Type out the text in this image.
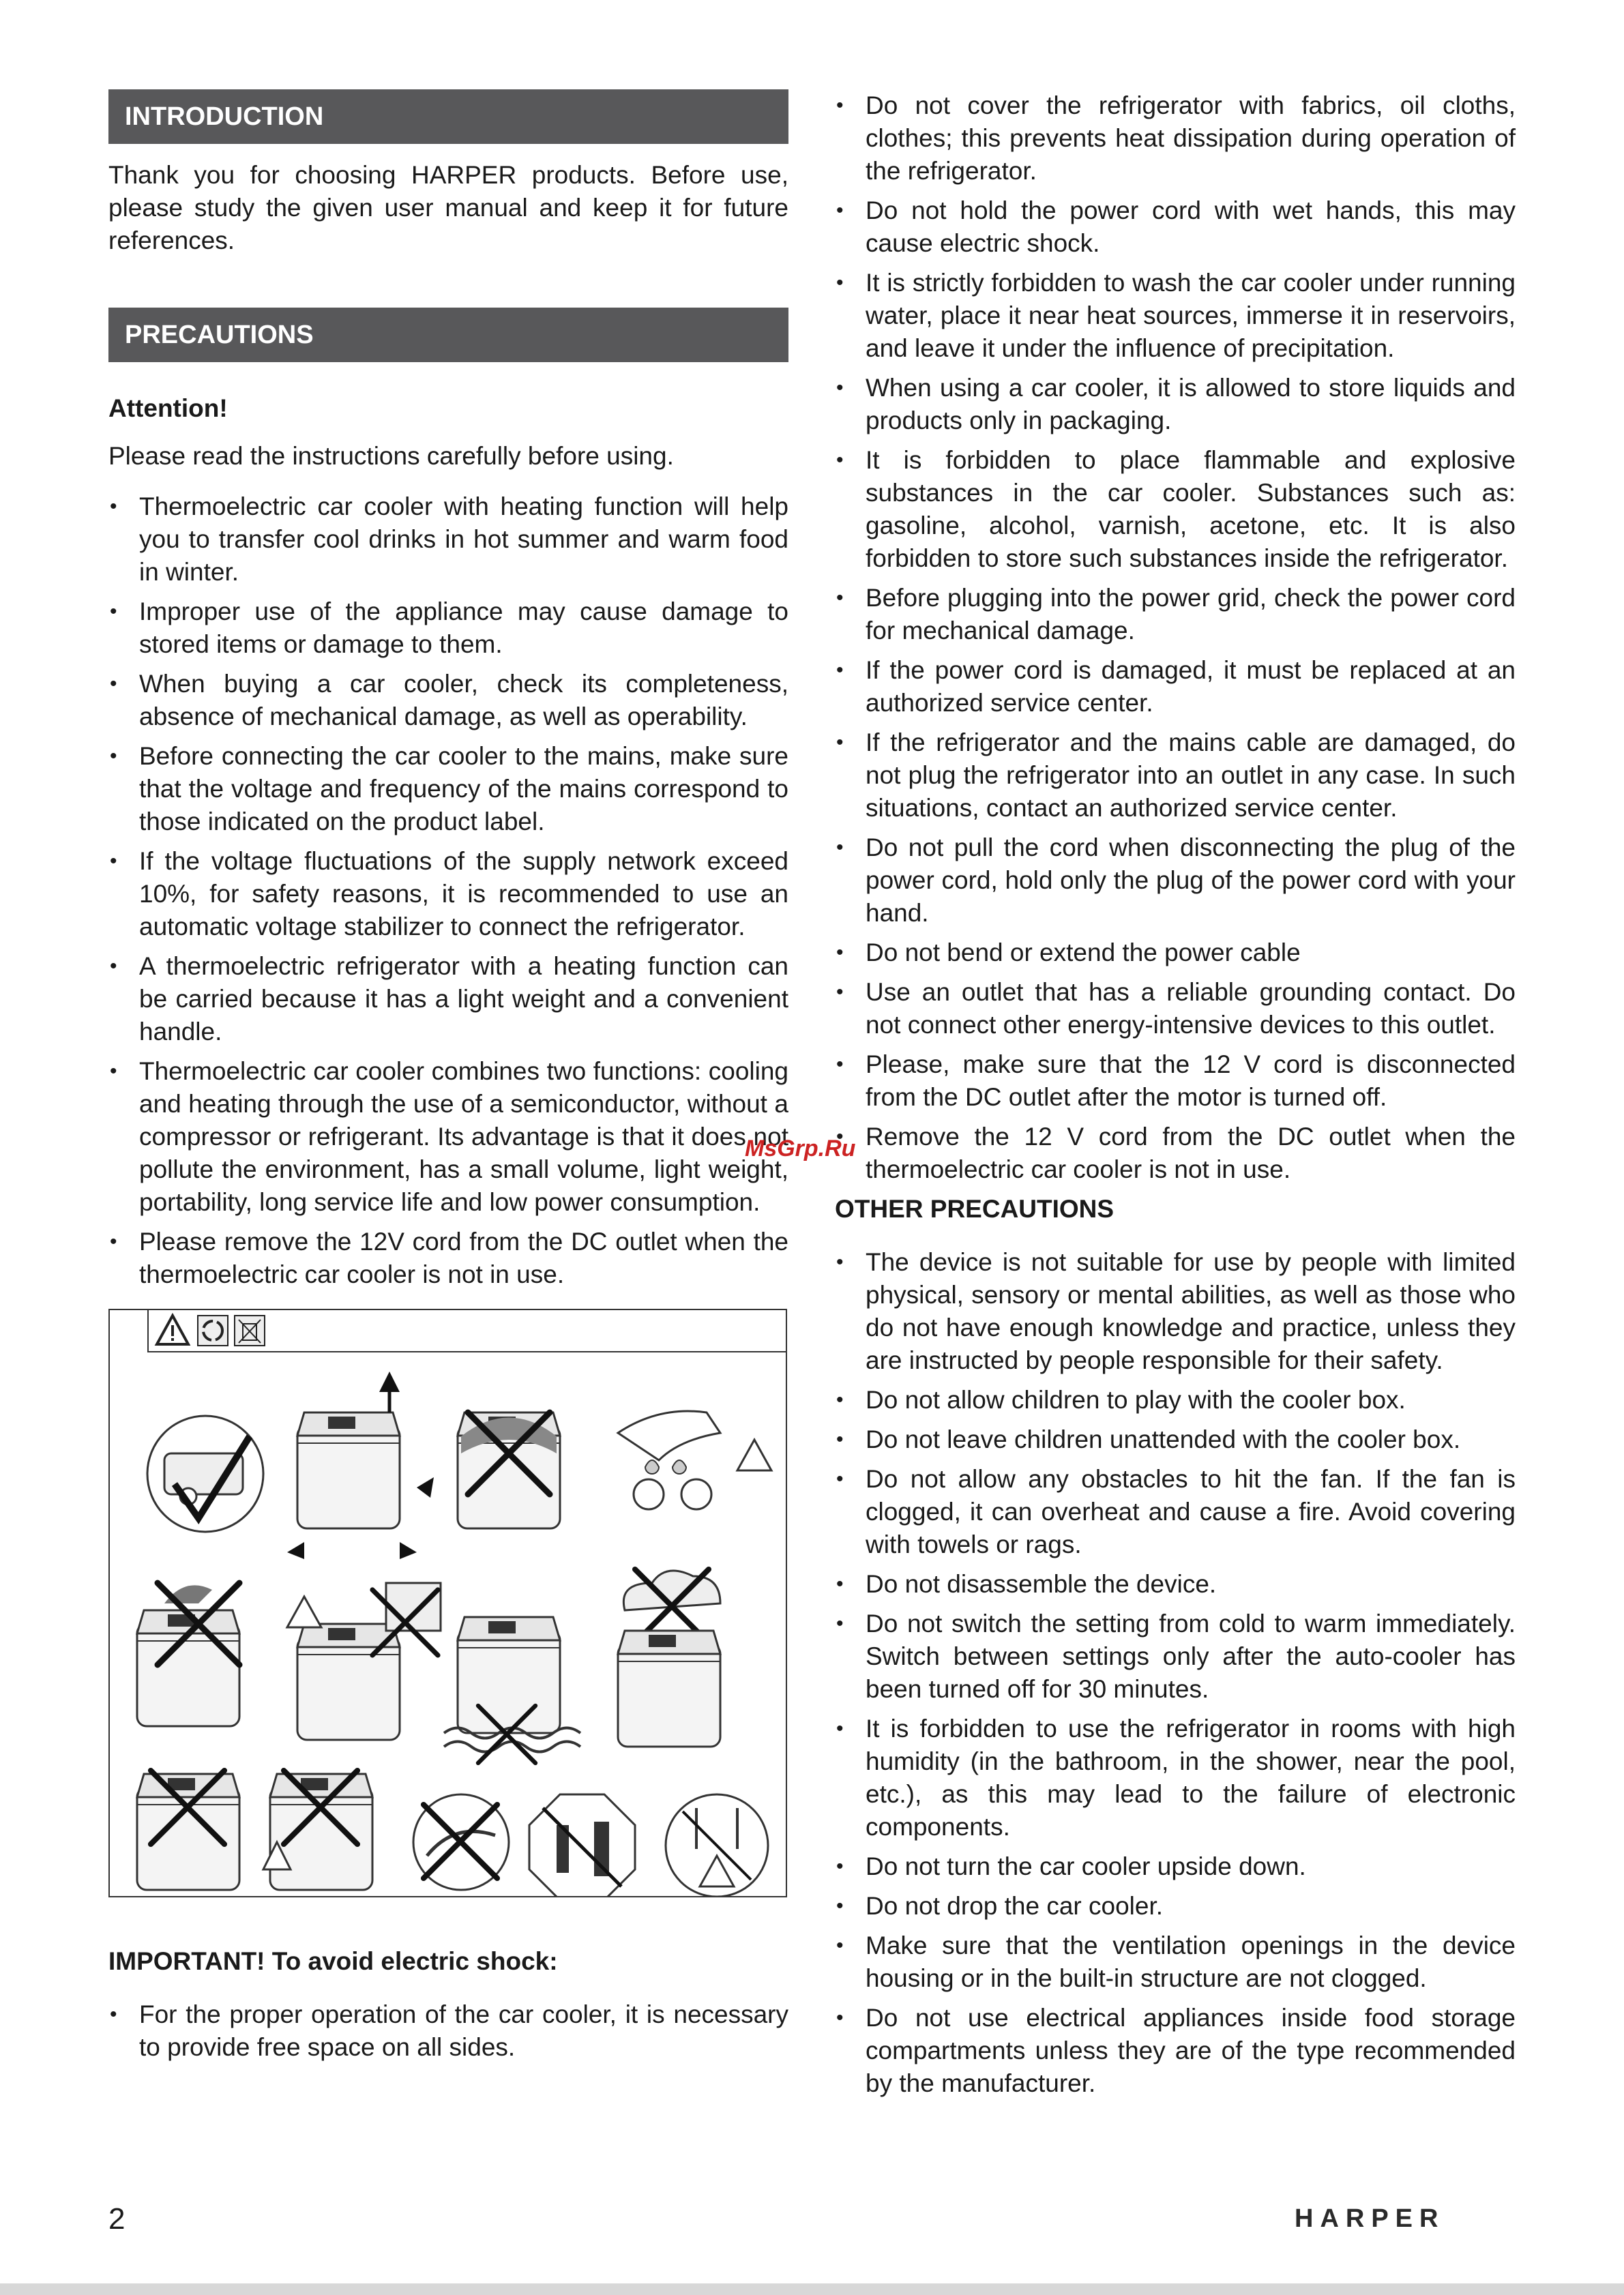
INTRODUCTION

Thank you for choosing HARPER products. Before use, please study the given user manual and keep it for future references.

PRECAUTIONS
Attention!

Please read the instructions carefully before using.

• Thermoelectric car cooler with heating function will help you to transfer cool drinks in hot summer and warm food in winter.
• Improper use of the appliance may cause damage to stored items or damage to them.
• When buying a car cooler, check its completeness, absence of mechanical damage, as well as operability.
• Before connecting the car cooler to the mains, make sure that the voltage and frequency of the mains correspond to those indicated on the product label.
• If the voltage fluctuations of the supply network exceed 10%, for safety reasons, it is recommended to use an automatic voltage stabilizer to connect the refrigerator.
• A thermoelectric refrigerator with a heating function can be carried because it has a light weight and a convenient handle.
• Thermoelectric car cooler combines two functions: cooling and heating through the use of a semiconductor, without a compressor or refrigerant. Its advantage is that it does not pollute the environment, has a small volume, light weight, portability, long service life and low power consumption.
• Please remove the 12V cord from the DC outlet when the thermoelectric car cooler is not in use.
IMPORTANT! To avoid electric shock:
• For the proper operation of the car cooler, it is necessary to provide free space on all sides.
• Do not cover the refrigerator with fabrics, oil cloths, clothes; this prevents heat dissipation during operation of the refrigerator.
• Do not hold the power cord with wet hands, this may cause electric shock.
• It is strictly forbidden to wash the car cooler under running water, place it near heat sources, immerse it in reservoirs, and leave it under the influence of precipitation.
• When using a car cooler, it is allowed to store liquids and products only in packaging.
• It is forbidden to place flammable and explosive substances in the car cooler. Substances such as: gasoline, alcohol, varnish, acetone, etc. It is also forbidden to store such substances inside the refrigerator.
• Before plugging into the power grid, check the power cord for mechanical damage.
• If the power cord is damaged, it must be replaced at an authorized service center.
• If the refrigerator and the mains cable are damaged, do not plug the refrigerator into an outlet in any case. In such situations, contact an authorized service center.
• Do not pull the cord when disconnecting the plug of the power cord, hold only the plug of the power cord with your hand.
• Do not bend or extend the power cable
• Use an outlet that has a reliable grounding contact. Do not connect other energy-intensive devices to this outlet.
• Please, make sure that the 12 V cord is disconnected from the DC outlet after the motor is turned off.
• Remove the 12 V cord from the DC outlet when the thermoelectric car cooler is not in use.
OTHER PRECAUTIONS
• The device is not suitable for use by people with limited physical, sensory or mental abilities, as well as those who do not have enough knowledge and practice, unless they are instructed by people responsible for their safety.
• Do not allow children to play with the cooler box.
• Do not leave children unattended with the cooler box.
• Do not allow any obstacles to hit the fan. If the fan is clogged, it can overheat and cause a fire. Avoid covering with towels or rags.
• Do not disassemble the device.
• Do not switch the setting from cold to warm immediately. Switch between settings only after the auto-cooler has been turned off for 30 minutes.
• It is forbidden to use the refrigerator in rooms with high humidity (in the bathroom, in the shower, near the pool, etc.), as this may lead to the failure of electronic components.
• Do not turn the car cooler upside down.
• Do not drop the car cooler.
• Make sure that the ventilation openings in the device housing or in the built-in structure are not clogged.
• Do not use electrical appliances inside food storage compartments unless they are of the type recommended by the manufacturer.
MsGrp.Ru
2	HARPER
